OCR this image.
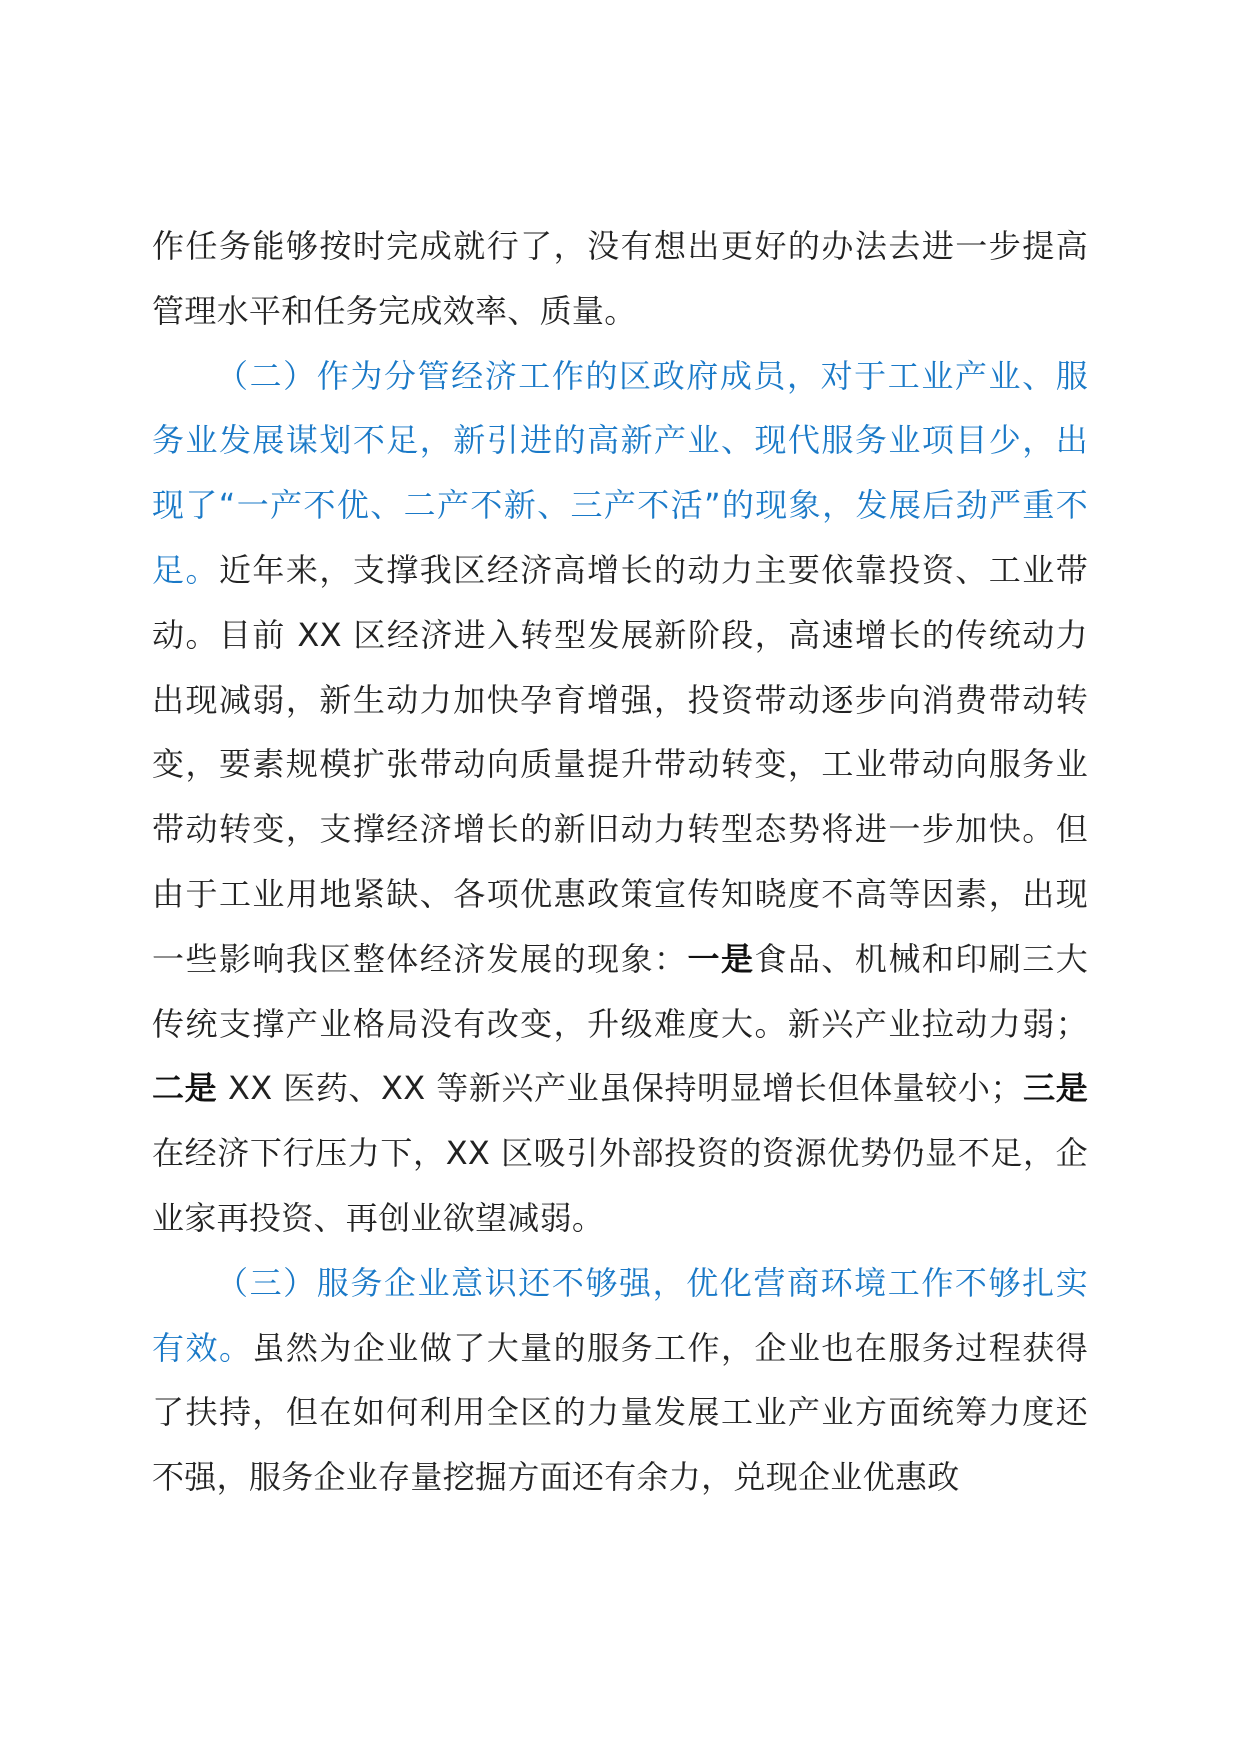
作任务能够按时完成就行了，没有想出更好的办法去进一步提高管理水平和任务完成效率、质量。

（二）作为分管经济工作的区政府成员，对于工业产业、服务业发展谋划不足，新引进的高新产业、现代服务业项目少，出现了“一产不优、二产不新、三产不活”的现象，发展后劲严重不足。近年来，支撑我区经济高增长的动力主要依靠投资、工业带动。目前 XX 区经济进入转型发展新阶段，高速增长的传统动力出现减弱，新生动力加快孕育增强，投资带动逐步向消费带动转变，要素规模扩张带动向质量提升带动转变，工业带动向服务业带动转变，支撑经济增长的新旧动力转型态势将进一步加快。但由于工业用地紧缺、各项优惠政策宣传知晓度不高等因素，出现一些影响我区整体经济发展的现象：一是食品、机械和印刷三大传统支撑产业格局没有改变，升级难度大。新兴产业拉动力弱；二是 XX 医药、XX 等新兴产业虽保持明显增长但体量较小；三是在经济下行压力下，XX 区吸引外部投资的资源优势仍显不足，企业家再投资、再创业欲望减弱。

（三）服务企业意识还不够强，优化营商环境工作不够扎实有效。虽然为企业做了大量的服务工作，企业也在服务过程获得了扶持，但在如何利用全区的力量发展工业产业方面统筹力度还不强，服务企业存量挖掘方面还有余力，兑现企业优惠政
